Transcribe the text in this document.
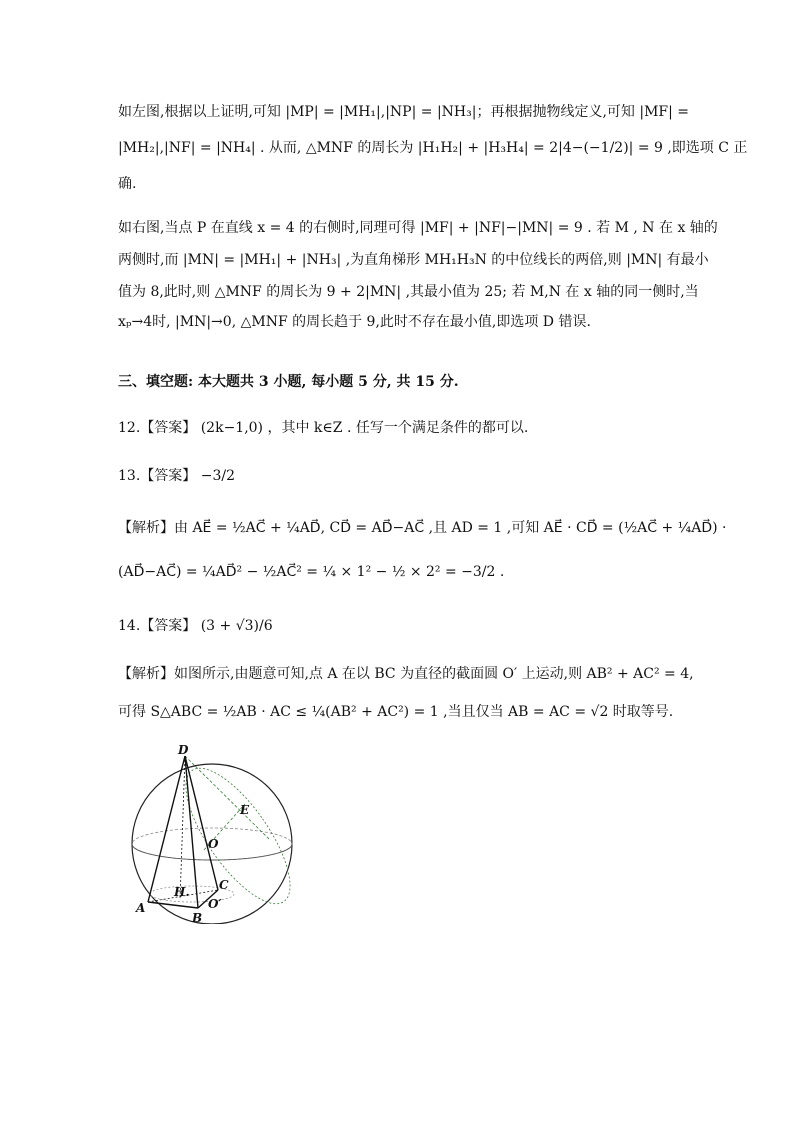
如左图,根据以上证明,可知 |MP| = |MH₁|,|NP| = |NH₃|；再根据抛物线定义,可知 |MF| =
|MH₂|,|NF| = |NH₄| . 从而, △MNF 的周长为 |H₁H₂| + |H₃H₄| = 2|4−(−1/2)| = 9 ,即选项 C 正
确.
如右图,当点 P 在直线 x = 4 的右侧时,同理可得 |MF| + |NF|−|MN| = 9 . 若 M , N 在 x 轴的
两侧时,而 |MN| = |MH₁| + |NH₃| ,为直角梯形 MH₁H₃N 的中位线长的两倍,则 |MN| 有最小
值为 8,此时,则 △MNF 的周长为 9 + 2|MN| ,其最小值为 25; 若 M,N 在 x 轴的同一侧时,当
xₚ→4时, |MN|→0, △MNF 的周长趋于 9,此时不存在最小值,即选项 D 错误.
三、填空题: 本大题共 3 小题, 每小题 5 分, 共 15 分.
12.【答案】 (2k−1,0) ，其中 k∈Z . 任写一个满足条件的都可以.
13.【答案】 −3/2
【解析】由 AE⃗ = ½AC⃗ + ¼AD⃗, CD⃗ = AD⃗−AC⃗ ,且 AD = 1 ,可知 AE⃗ · CD⃗ = (½AC⃗ + ¼AD⃗) ·
(AD⃗−AC⃗) = ¼AD⃗² − ½AC⃗² = ¼ × 1² − ½ × 2² = −3/2 .
14.【答案】 (3 + √3)/6
【解析】如图所示,由题意可知,点 A 在以 BC 为直径的截面圆 O′ 上运动,则 AB² + AC² = 4,
可得 S△ABC = ½AB · AC ≤ ¼(AB² + AC²) = 1 ,当且仅当 AB = AC = √2 时取等号.
D
E
O
C
H.
O′
A
B
